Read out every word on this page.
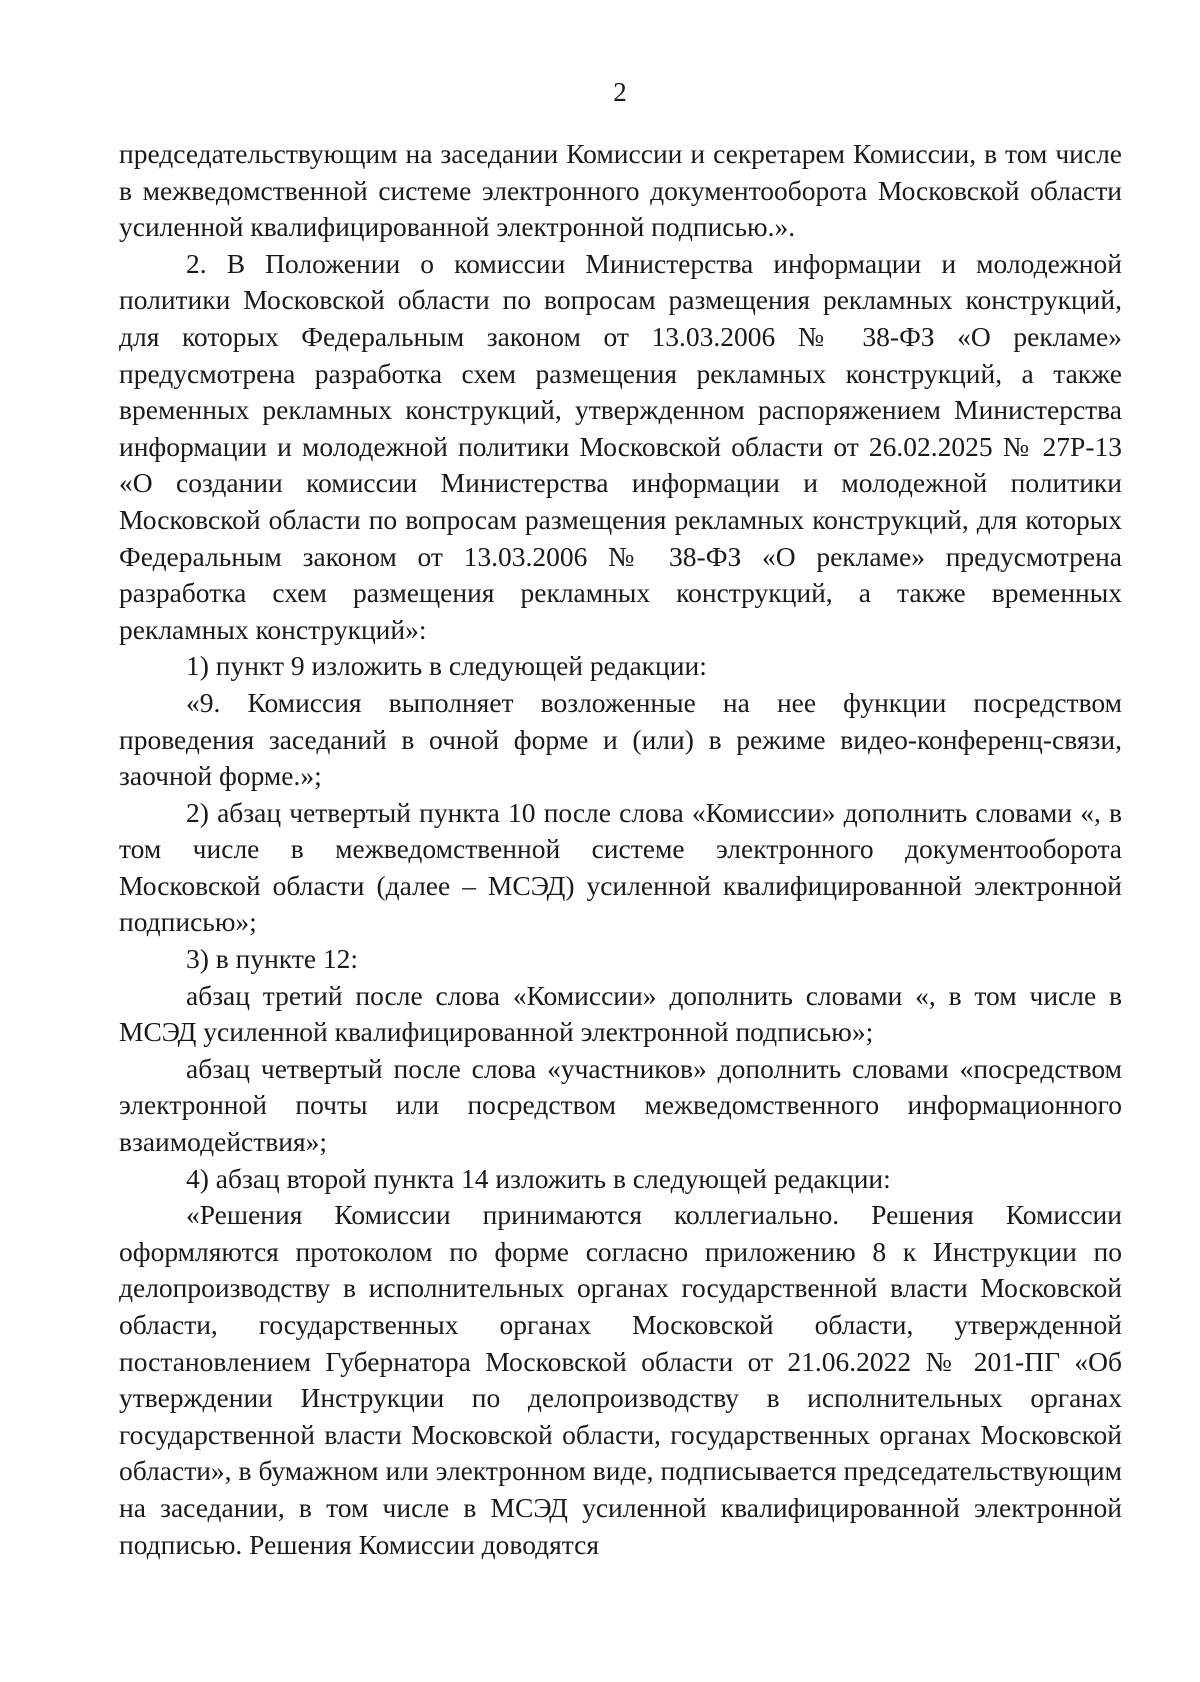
2

председательствующим на заседании Комиссии и секретарем Комиссии, в том числе в межведомственной системе электронного документооборота Московской области усиленной квалифицированной электронной подписью.».

2. В Положении о комиссии Министерства информации и молодежной политики Московской области по вопросам размещения рекламных конструкций, для которых Федеральным законом от 13.03.2006 № 38-ФЗ «О рекламе» предусмотрена разработка схем размещения рекламных конструкций, а также временных рекламных конструкций, утвержденном распоряжением Министерства информации и молодежной политики Московской области от 26.02.2025 № 27Р-13 «О создании комиссии Министерства информации и молодежной политики Московской области по вопросам размещения рекламных конструкций, для которых Федеральным законом от 13.03.2006 № 38-ФЗ «О рекламе» предусмотрена разработка схем размещения рекламных конструкций, а также временных рекламных конструкций»:

1) пункт 9 изложить в следующей редакции:

«9. Комиссия выполняет возложенные на нее функции посредством проведения заседаний в очной форме и (или) в режиме видео-конференц-связи, заочной форме.»;

2) абзац четвертый пункта 10 после слова «Комиссии» дополнить словами «, в том числе в межведомственной системе электронного документооборота Московской области (далее – МСЭД) усиленной квалифицированной электронной подписью»;

3) в пункте 12:

абзац третий после слова «Комиссии» дополнить словами «, в том числе в МСЭД усиленной квалифицированной электронной подписью»;

абзац четвертый после слова «участников» дополнить словами «посредством электронной почты или посредством межведомственного информационного взаимодействия»;

4) абзац второй пункта 14 изложить в следующей редакции:

«Решения Комиссии принимаются коллегиально. Решения Комиссии оформляются протоколом по форме согласно приложению 8 к Инструкции по делопроизводству в исполнительных органах государственной власти Московской области, государственных органах Московской области, утвержденной постановлением Губернатора Московской области от 21.06.2022 № 201-ПГ «Об утверждении Инструкции по делопроизводству в исполнительных органах государственной власти Московской области, государственных органах Московской области», в бумажном или электронном виде, подписывается председательствующим на заседании, в том числе в МСЭД усиленной квалифицированной электронной подписью. Решения Комиссии доводятся
